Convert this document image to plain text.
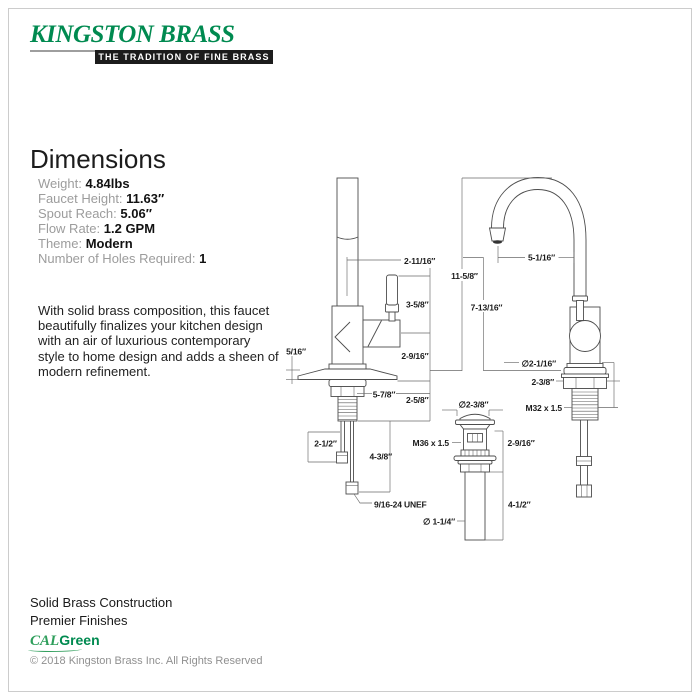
KINGSTON BRASS
THE TRADITION OF FINE BRASS
Dimensions
Weight: 4.84lbs
Faucet Height: 11.63″
Spout Reach: 5.06″
Flow Rate: 1.2 GPM
Theme: Modern
Number of Holes Required: 1
With solid brass composition, this faucet
beautifully finalizes your kitchen design
with an air of luxurious contemporary
style to home design and adds a sheen of
modern refinement.
2-11/16″
3-5/8″
2-9/16″
5/16″
5-7/8″
2-5/8″
2-1/2″
4-3/8″
9/16-24 UNEF
∅2-3/8″
M36 x 1.5	2-9/16″
4-1/2″
∅ 1-1/4″
11-5/8″
7-13/16″
5-1/16″
∅2-1/16″
2-3/8″
M32 x 1.5
Solid Brass Construction
Premier Finishes
CALGreen
© 2018 Kingston Brass Inc. All Rights Reserved
